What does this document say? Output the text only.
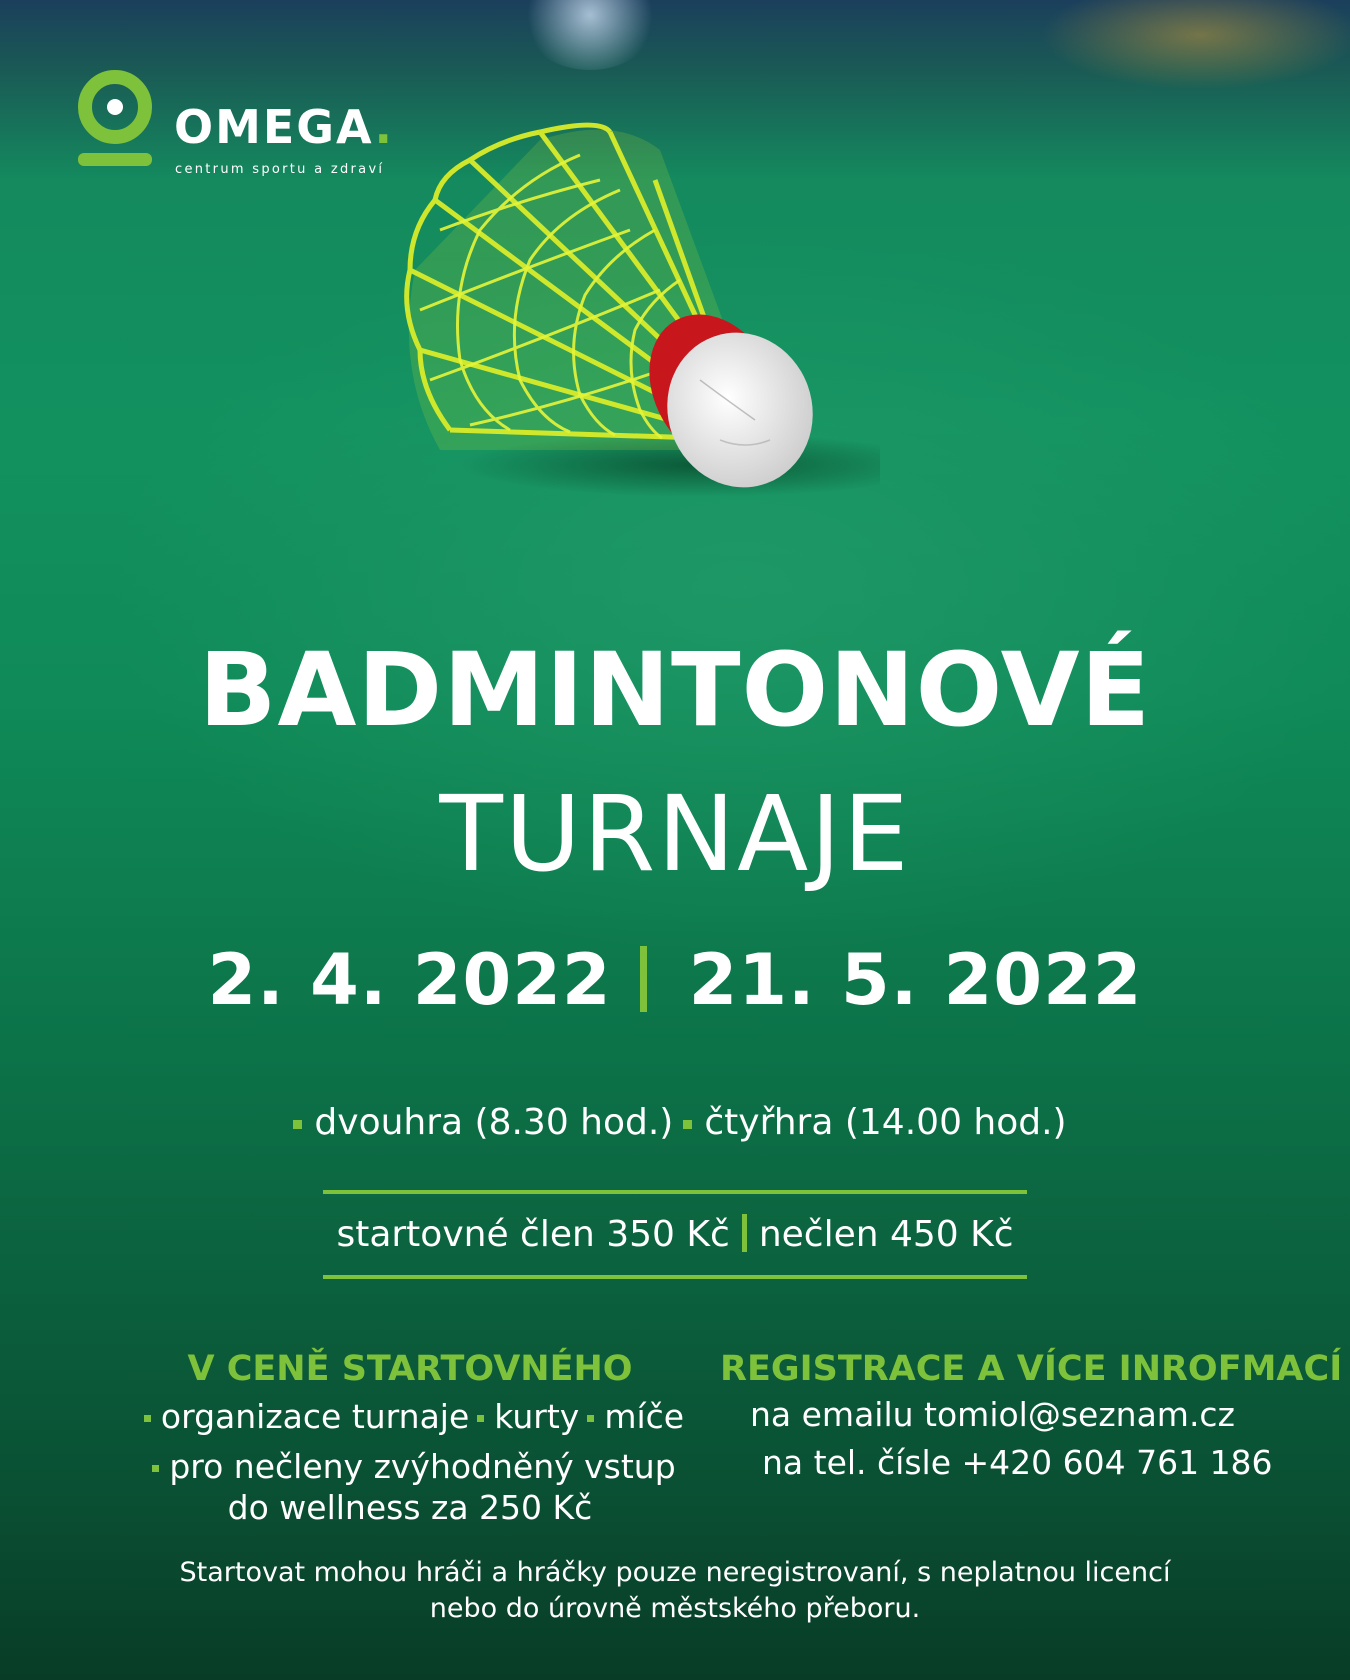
OMEGA.
centrum sportu a zdraví
BADMINTONOVÉ
TURNAJE
2. 4. 2022 21. 5. 2022
dvouhra (8.30 hod.) čtyřhra (14.00 hod.)
startovné člen 350 Kč nečlen 450 Kč
V CENĚ STARTOVNÉHO
organizace turnaje kurty míče
pro nečleny zvýhodněný vstup
do wellness za 250 Kč
REGISTRACE A VÍCE INROFMACÍ
na emailu tomiol@seznam.cz
na tel. čísle +420 604 761 186
Startovat mohou hráči a hráčky pouze neregistrovaní, s neplatnou licencí
nebo do úrovně městského přeboru.
